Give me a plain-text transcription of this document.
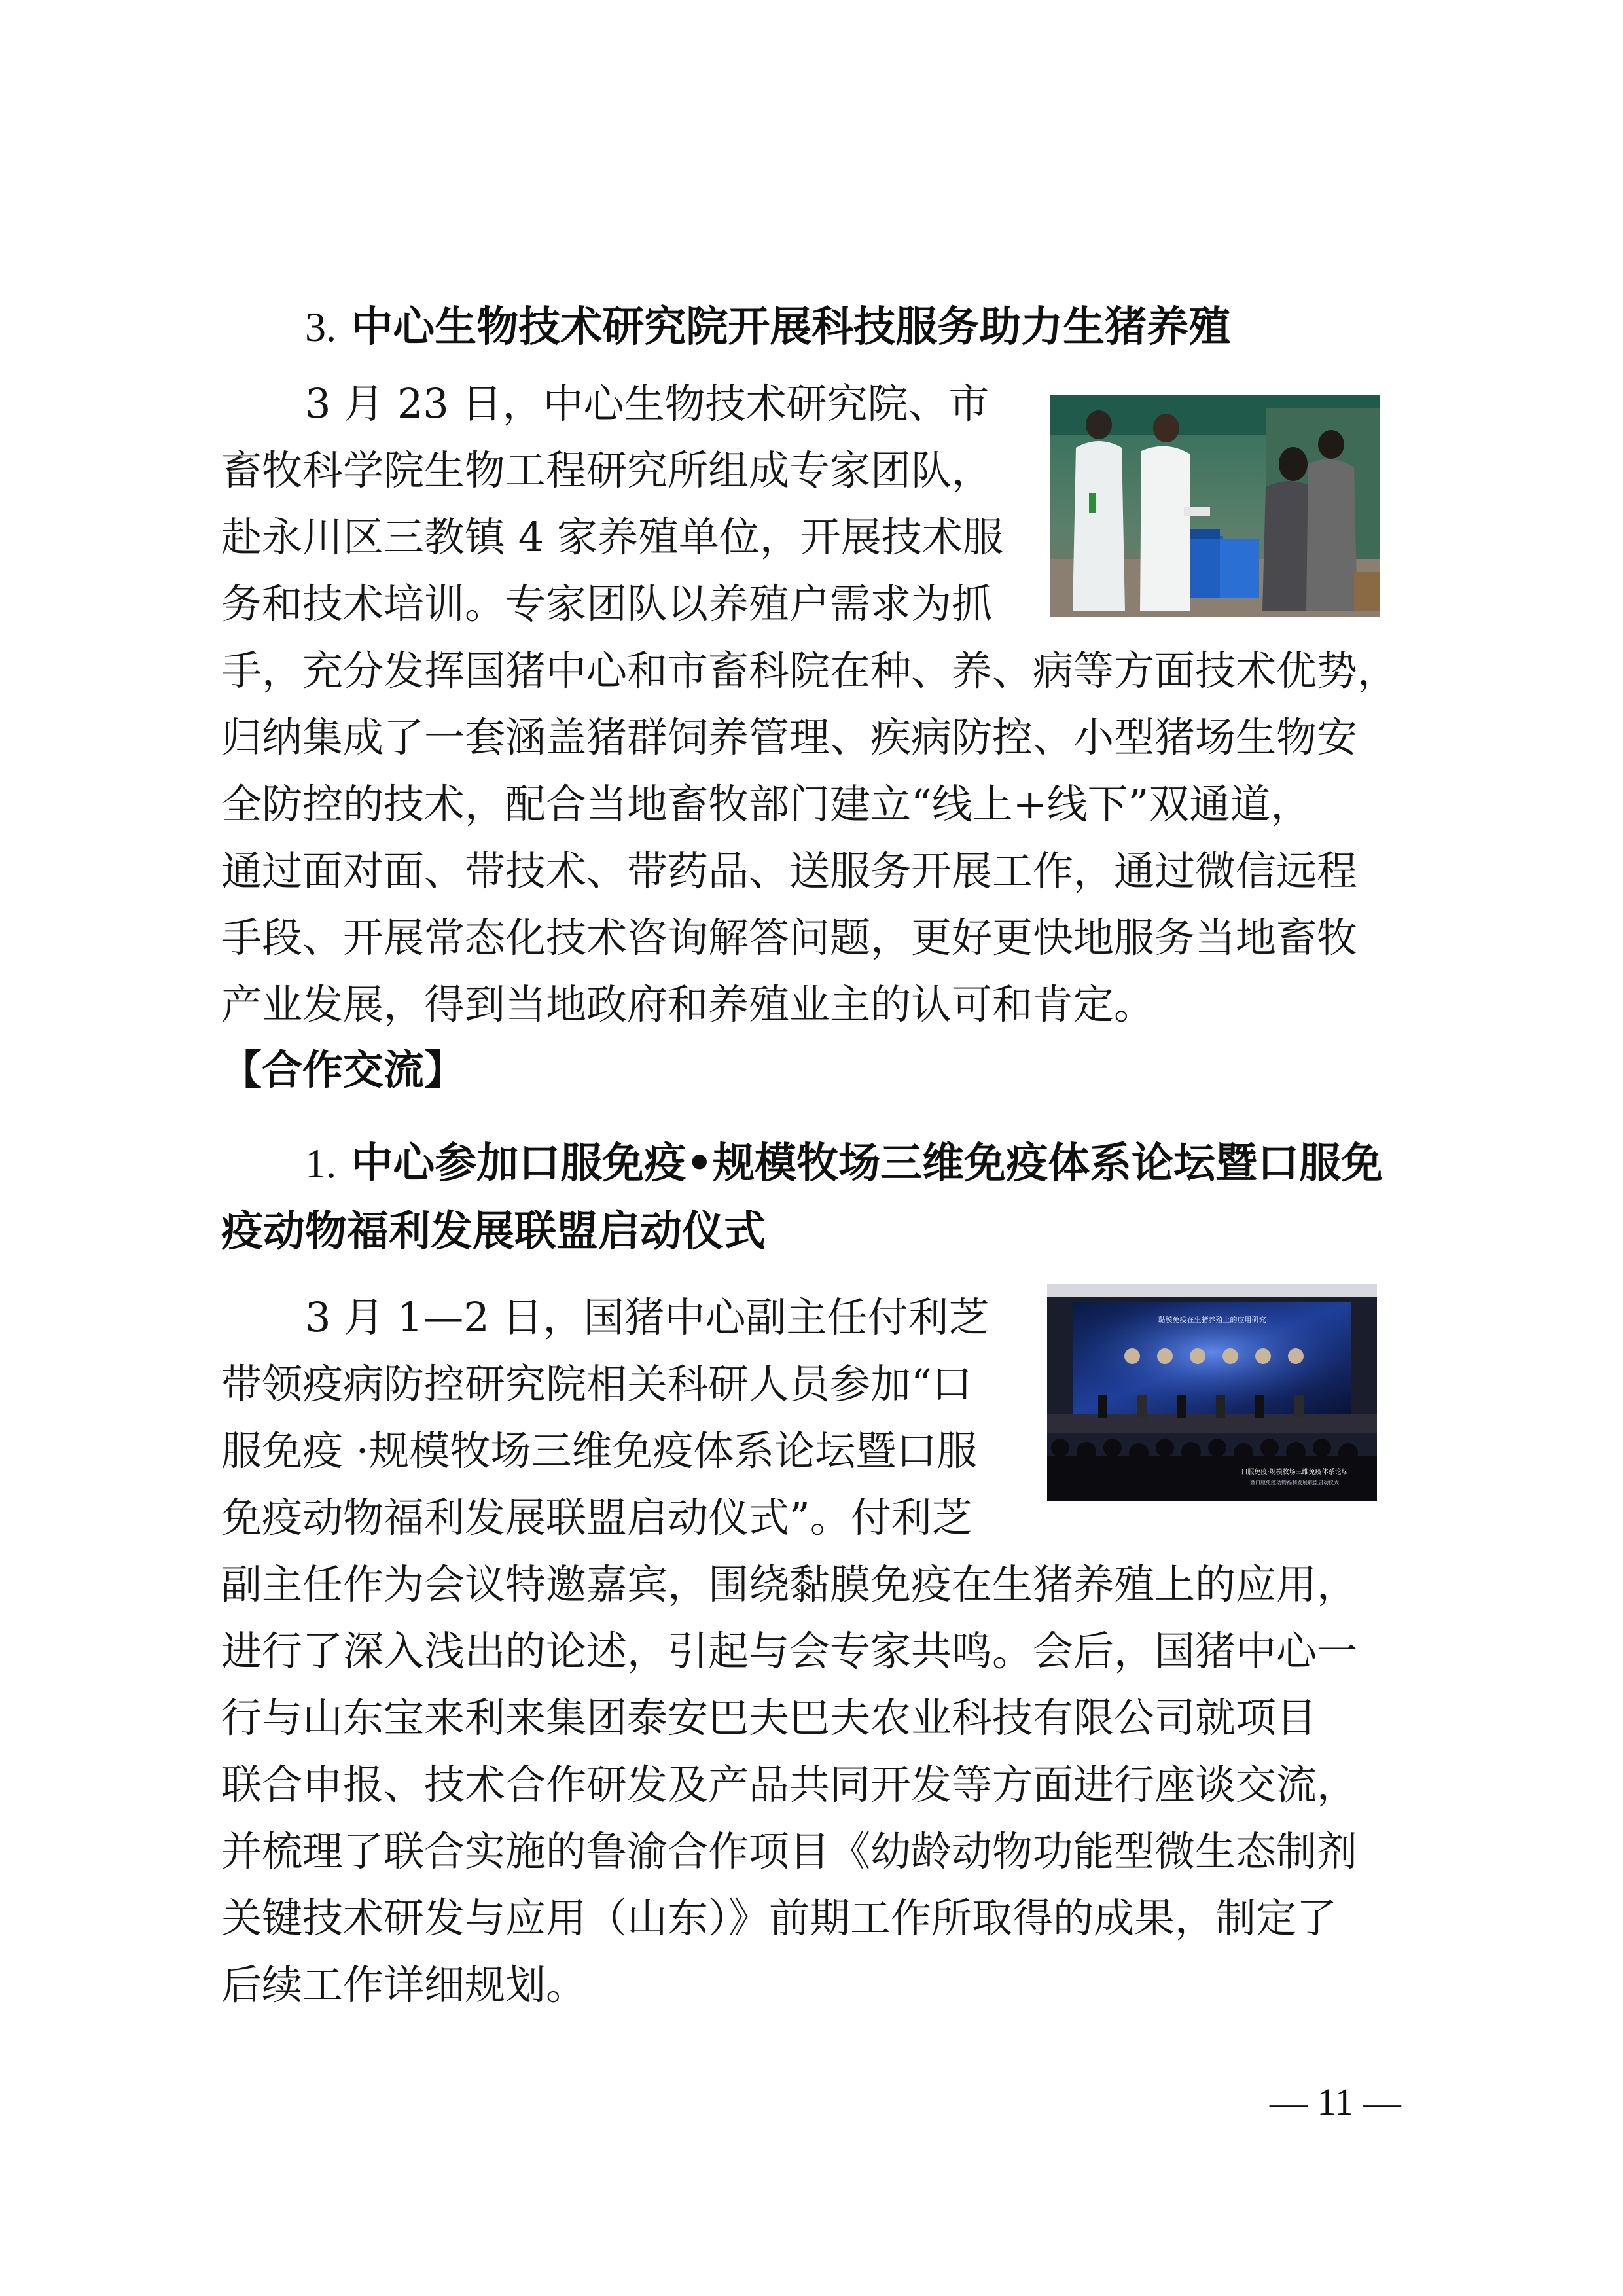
3. 中心生物技术研究院开展科技服务助力生猪养殖

3 月 23 日，中心生物技术研究院、市

畜牧科学院生物工程研究所组成专家团队，

赴永川区三教镇 4 家养殖单位，开展技术服

务和技术培训。专家团队以养殖户需求为抓

手，充分发挥国猪中心和市畜科院在种、养、病等方面技术优势，

归纳集成了一套涵盖猪群饲养管理、疾病防控、小型猪场生物安

全防控的技术，配合当地畜牧部门建立“线上+线下”双通道，

通过面对面、带技术、带药品、送服务开展工作，通过微信远程

手段、开展常态化技术咨询解答问题，更好更快地服务当地畜牧

产业发展，得到当地政府和养殖业主的认可和肯定。

【合作交流】
1. 中心参加口服免疫•规模牧场三维免疫体系论坛暨口服免
疫动物福利发展联盟启动仪式

3 月 1—2 日，国猪中心副主任付利芝

带领疫病防控研究院相关科研人员参加“口

服免疫 ·规模牧场三维免疫体系论坛暨口服

免疫动物福利发展联盟启动仪式”。付利芝

黏膜免疫在生猪养殖上的应用研究
口服免疫·规模牧场三维免疫体系论坛
暨口服免疫动物福利发展联盟启动仪式

副主任作为会议特邀嘉宾，围绕黏膜免疫在生猪养殖上的应用，

进行了深入浅出的论述，引起与会专家共鸣。会后，国猪中心一

行与山东宝来利来集团泰安巴夫巴夫农业科技有限公司就项目

联合申报、技术合作研发及产品共同开发等方面进行座谈交流，

并梳理了联合实施的鲁渝合作项目《幼龄动物功能型微生态制剂

关键技术研发与应用（山东）》前期工作所取得的成果，制定了

后续工作详细规划。

— 11 —
